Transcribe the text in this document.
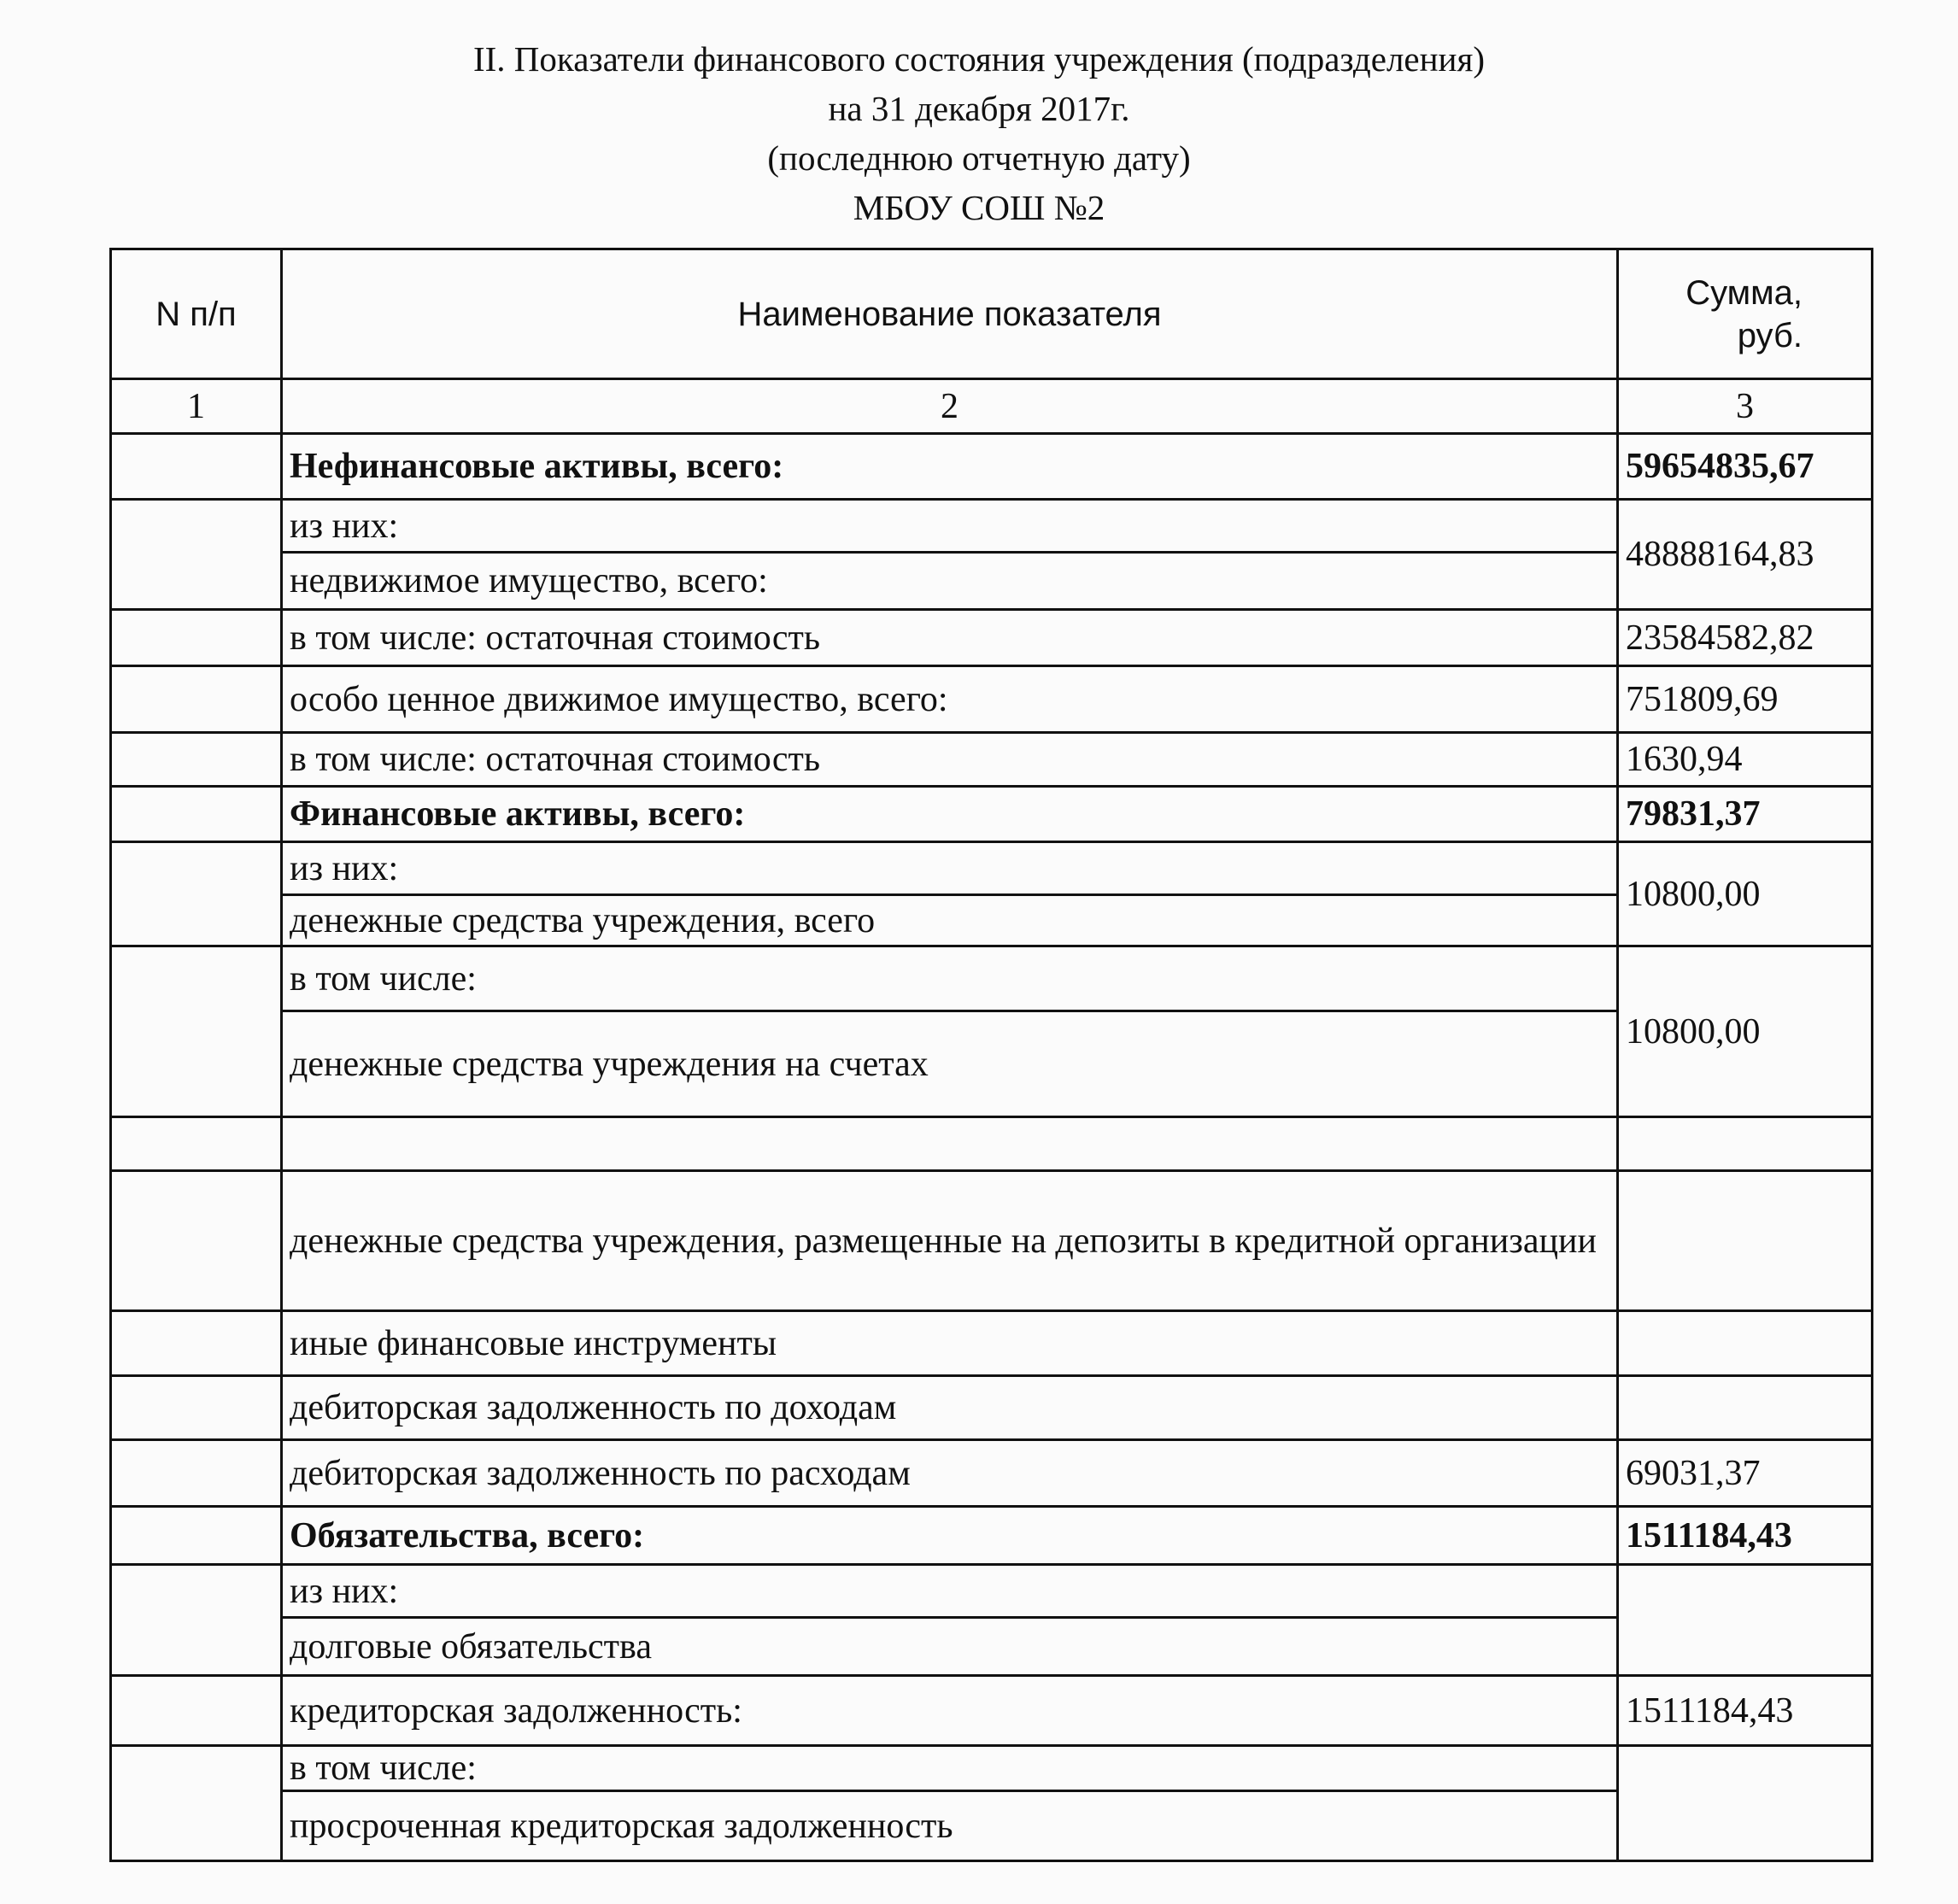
II. Показатели финансового состояния учреждения (подразделения)
на 31 декабря 2017г.
(последнюю отчетную дату)
МБОУ СОШ №2
N п/п	Наименование показателя	Сумма,
руб.

1	2	3
	Нефинансовые активы, всего:	59654835,67
	из них:	48888164,83
	недвижимое имущество, всего:	
	в том числе: остаточная стоимость	23584582,82
	особо ценное движимое имущество, всего:	751809,69
	в том числе: остаточная стоимость	1630,94
	Финансовые активы, всего:	79831,37
	из них:	10800,00
	денежные средства учреждения, всего	
	в том числе:	10800,00
	денежные средства учреждения на счетах	

	денежные средства учреждения, размещенные на депозиты в кредитной организации	
	иные финансовые инструменты	
	дебиторская задолженность по доходам	
	дебиторская задолженность по расходам	69031,37
	Обязательства, всего:	1511184,43
	из них:	
	долговые обязательства	
	кредиторская задолженность:	1511184,43
	в том числе:	
	просроченная кредиторская задолженность	
